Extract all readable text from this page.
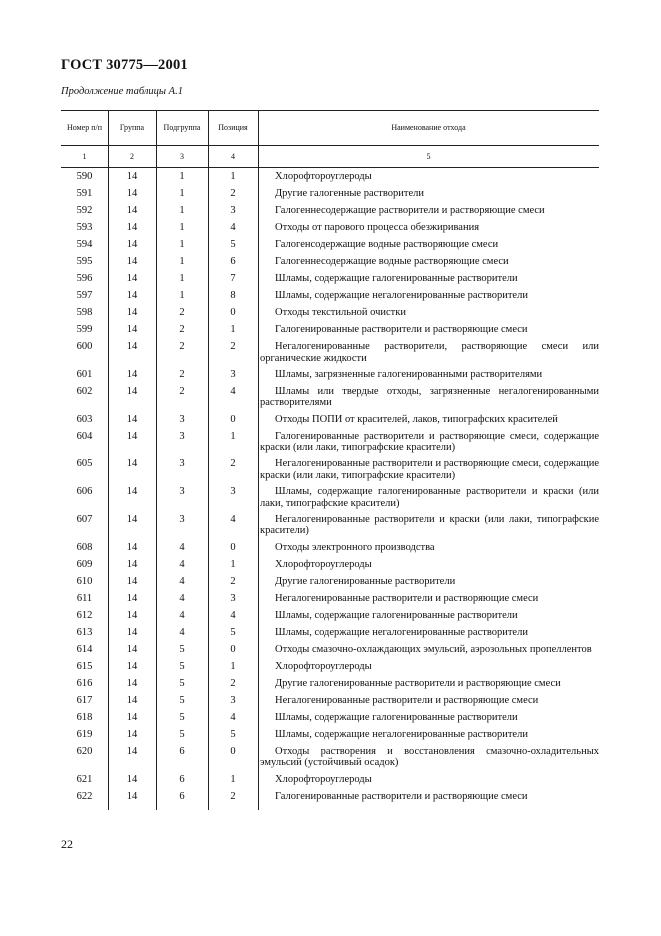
ГОСТ 30775—2001
Продолжение таблицы А.1
Номер п/п	Группа	Подгруппа	Позиция	Наименование отхода
1	2	3	4	5
590	14	1	1	Хлорофтороуглероды
591	14	1	2	Другие галогенные растворители
592	14	1	3	Галогеннесодержащие растворители и растворяющие смеси
593	14	1	4	Отходы от парового процесса обезжиривания
594	14	1	5	Галогенсодержащие водные растворяющие смеси
595	14	1	6	Галогеннесодержащие водные растворяющие смеси
596	14	1	7	Шламы, содержащие галогенированные растворители
597	14	1	8	Шламы, содержащие негалогенированные растворители
598	14	2	0	Отходы текстильной очистки
599	14	2	1	Галогенированные растворители и растворяющие смеси
600	14	2	2	Негалогенированные растворители, растворяющие смеси или органические жидкости
601	14	2	3	Шламы, загрязненные галогенированными растворителями
602	14	2	4	Шламы или твердые отходы, загрязненные негалогенированными растворителями
603	14	3	0	Отходы ПОПИ от красителей, лаков, типографских красителей
604	14	3	1	Галогенированные растворители и растворяющие смеси, содержащие краски (или лаки, типографские красители)
605	14	3	2	Негалогенированные растворители и растворяющие смеси, содержащие краски (или лаки, типографские красители)
606	14	3	3	Шламы, содержащие галогенированные растворители и краски (или лаки, типографские красители)
607	14	3	4	Негалогенированные растворители и краски (или лаки, типографские красители)
608	14	4	0	Отходы электронного производства
609	14	4	1	Хлорофтороуглероды
610	14	4	2	Другие галогенированные растворители
611	14	4	3	Негалогенированные растворители и растворяющие смеси
612	14	4	4	Шламы, содержащие галогенированные растворители
613	14	4	5	Шламы, содержащие негалогенированные растворители
614	14	5	0	Отходы смазочно-охлаждающих эмульсий, аэрозольных пропеллентов
615	14	5	1	Хлорофтороуглероды
616	14	5	2	Другие галогенированные растворители и растворяющие смеси
617	14	5	3	Негалогенированные растворители и растворяющие смеси
618	14	5	4	Шламы, содержащие галогенированные растворители
619	14	5	5	Шламы, содержащие негалогенированные растворители
620	14	6	0	Отходы растворения и восстановления смазочно-охладительных эмульсий (устойчивый осадок)
621	14	6	1	Хлорофтороуглероды
622	14	6	2	Галогенированные растворители и растворяющие смеси
22
